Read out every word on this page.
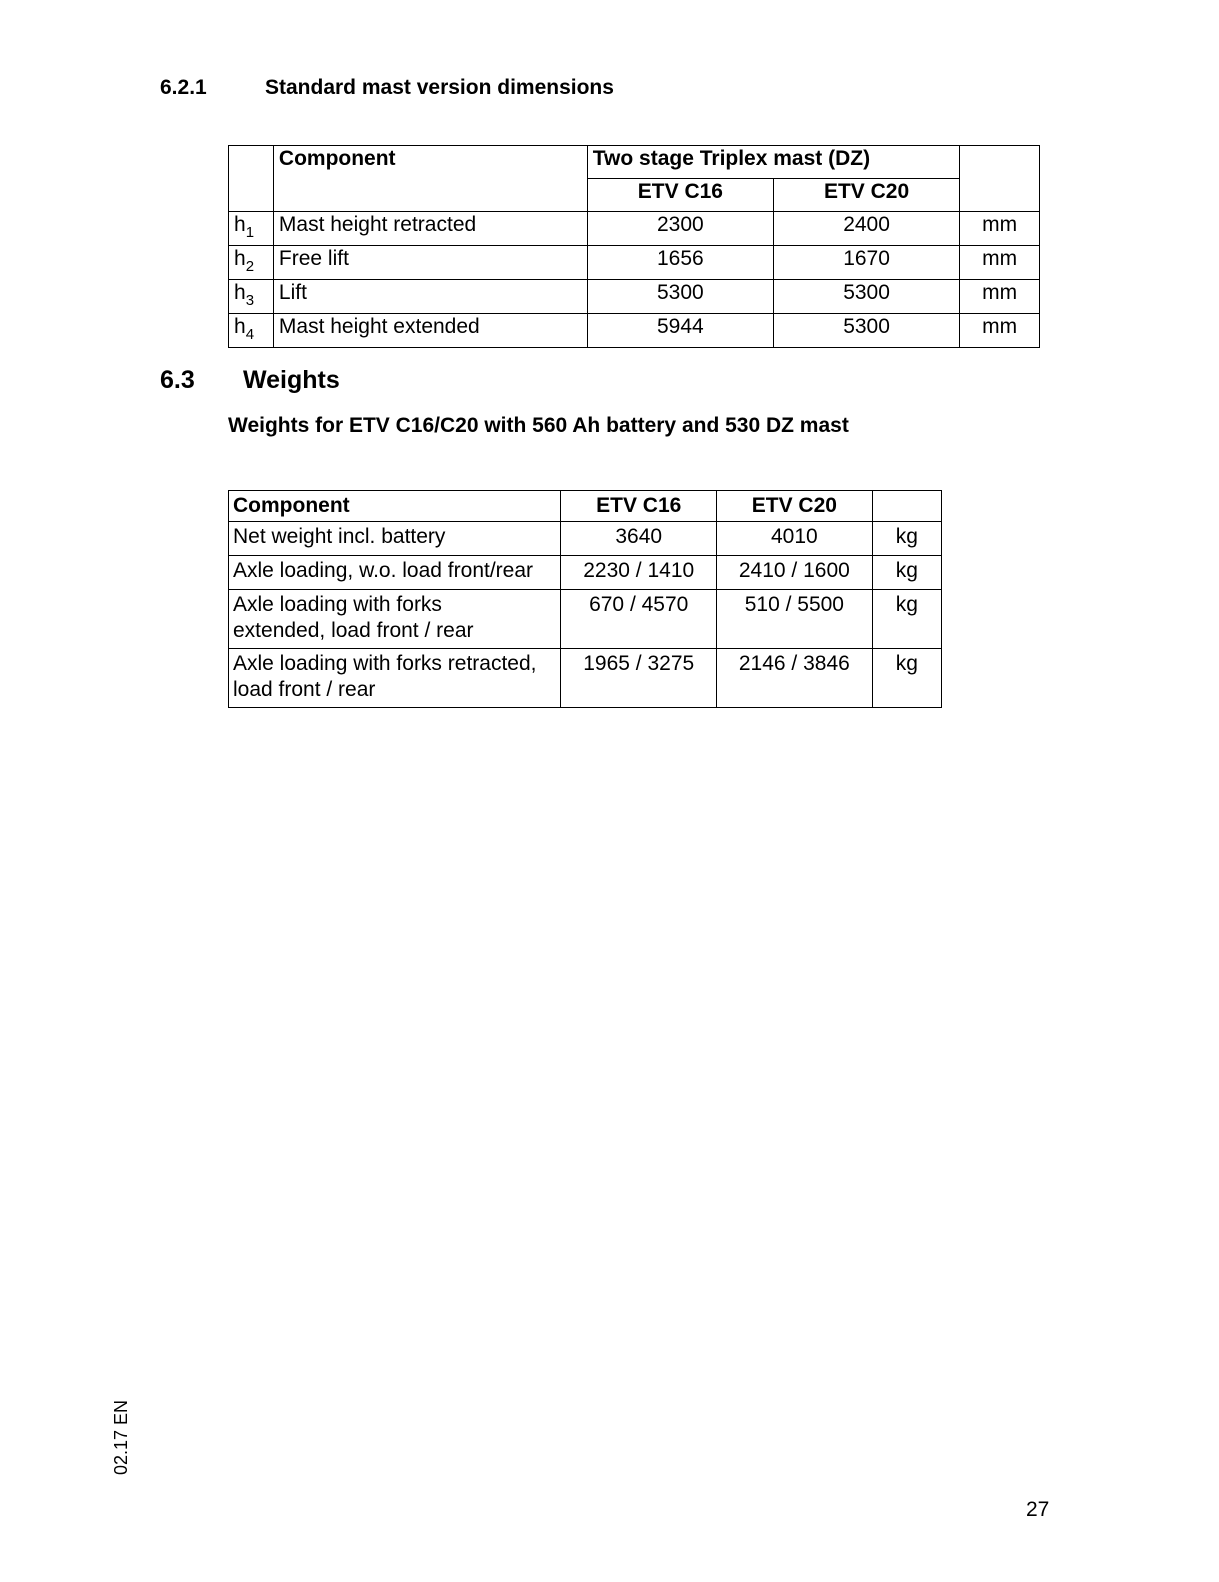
6.2.1	Standard mast version dimensions
	Component	Two stage Triplex mast (DZ)		
		ETV C16	ETV C20	
$h_1$	Mast height retracted	2300	2400	mm
$h_2$	Free lift	1656	1670	mm
$h_3$	Lift	5300	5300	mm
$h_4$	Mast height extended	5944	5300	mm
6.3 Weights
Weights for ETV C16/C20 with 560 Ah battery and 530 DZ mast
Component	ETV C16	ETV C20	

Net weight incl. battery	3640	4010	kg

Axle loading, w.o. load front/rear	2230 / 1410	2410 / 1600	kg

Axle loading with forks
extended, load front / rear	670 / 4570	510 / 5500	kg

Axle loading with forks retracted,
load front / rear	1965 / 3275	2146 / 3846	kg
02.17 EN
27
